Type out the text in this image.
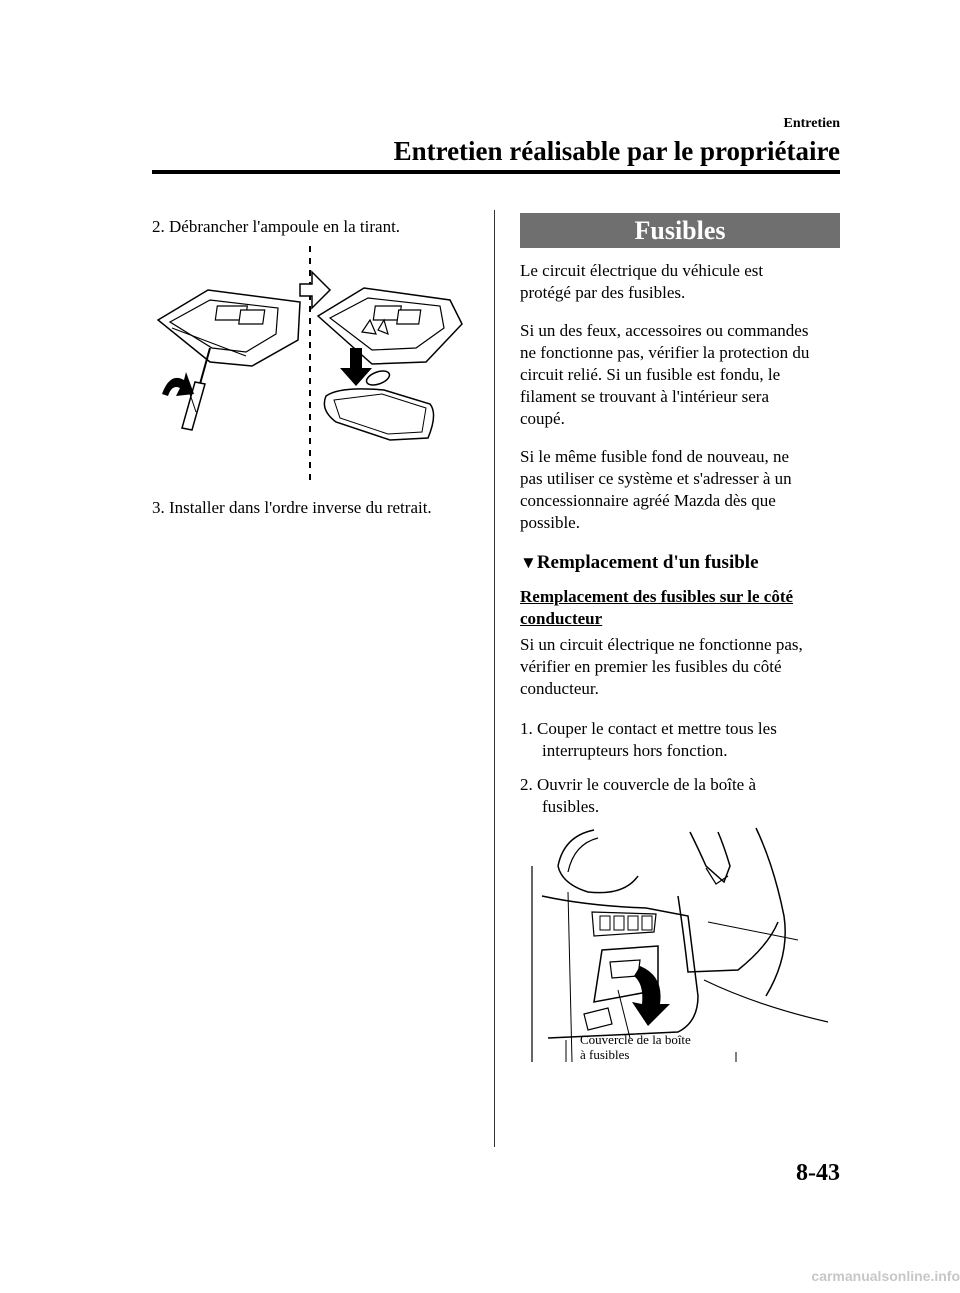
Entretien
Entretien réalisable par le propriétaire
2. Débrancher l'ampoule en la tirant.
3. Installer dans l'ordre inverse du retrait.
Fusibles
Le circuit électrique du véhicule est
protégé par des fusibles.
Si un des feux, accessoires ou commandes
ne fonctionne pas, vérifier la protection du
circuit relié. Si un fusible est fondu, le
filament se trouvant à l'intérieur sera
coupé.
Si le même fusible fond de nouveau, ne
pas utiliser ce système et s'adresser à un
concessionnaire agréé Mazda dès que
possible.
▼Remplacement d'un fusible
Remplacement des fusibles sur le côté
conducteur
Si un circuit électrique ne fonctionne pas,
vérifier en premier les fusibles du côté
conducteur.
1. Couper le contact et mettre tous les
interrupteurs hors fonction.
2. Ouvrir le couvercle de la boîte à
fusibles.
Couvercle de la boîte
à fusibles
8-43
carmanualsonline.info
